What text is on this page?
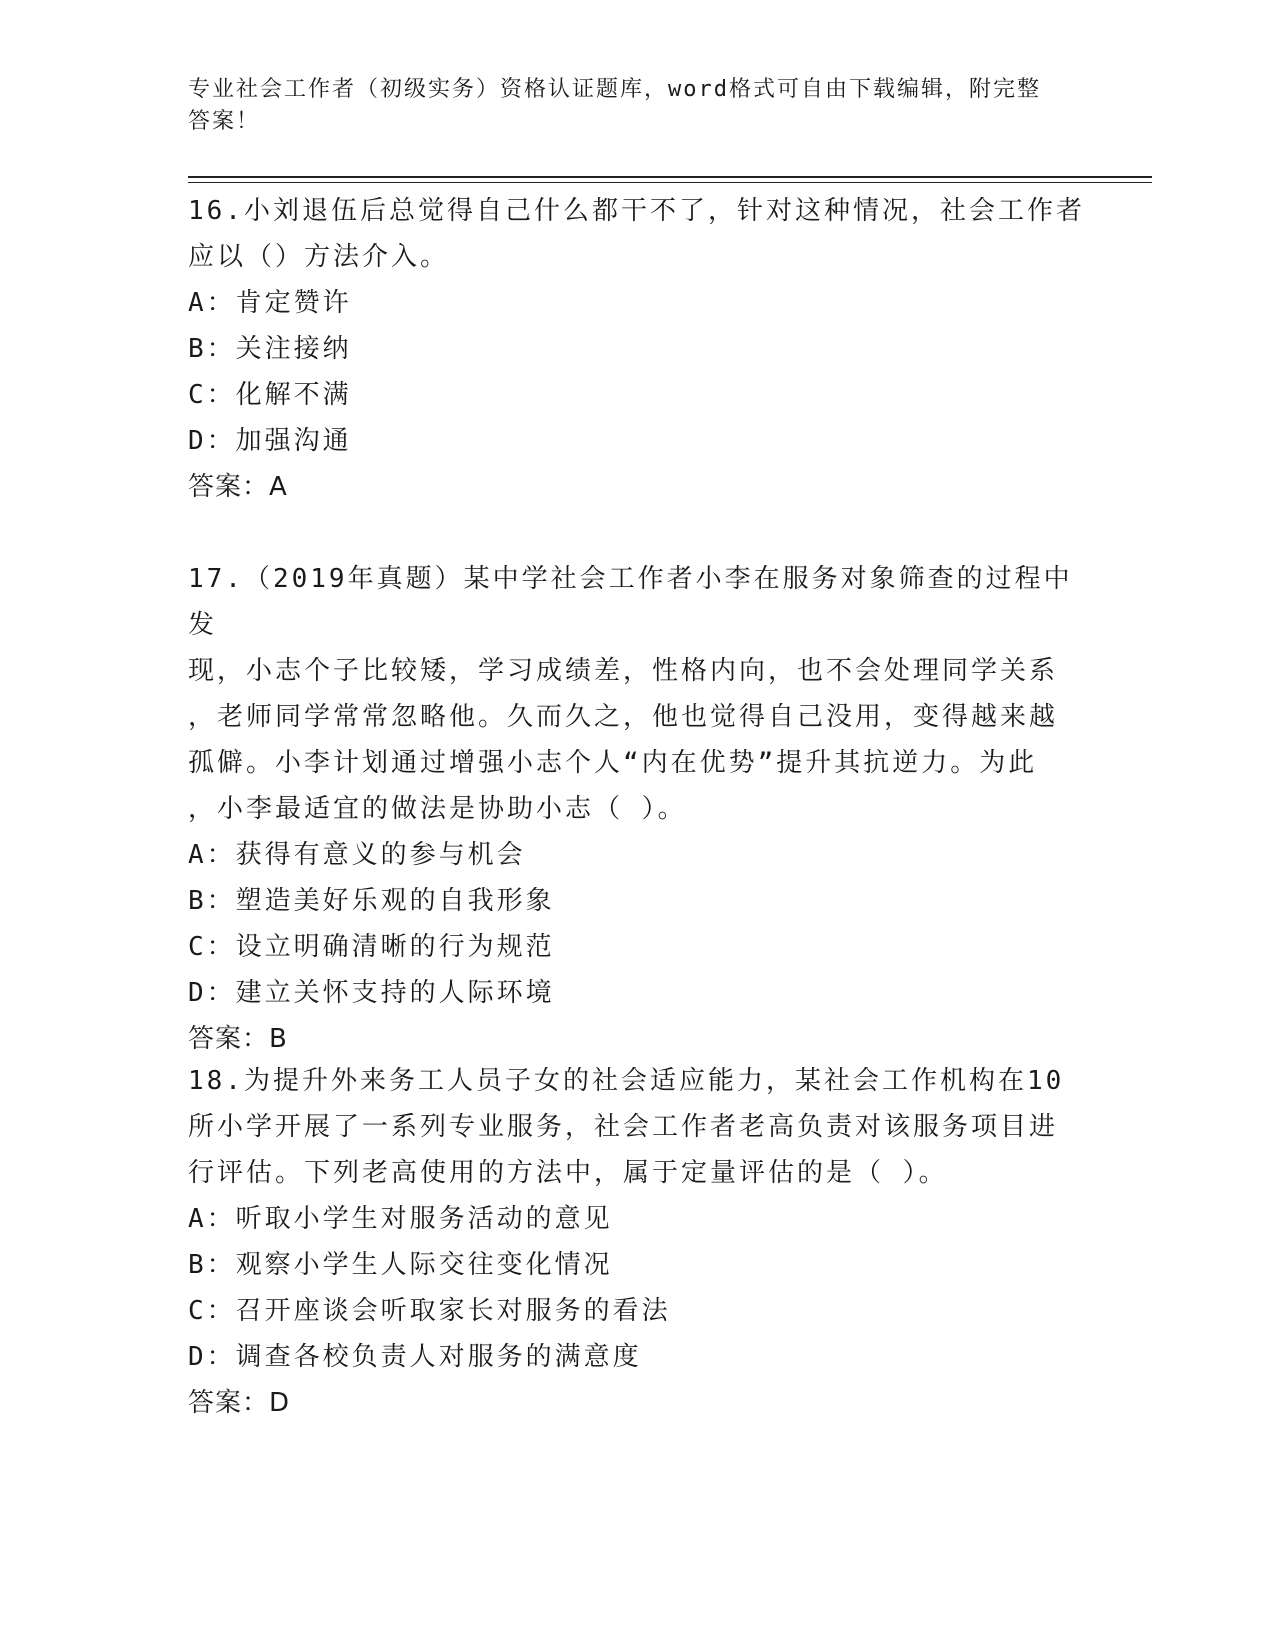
专业社会工作者（初级实务）资格认证题库，word格式可自由下载编辑，附完整
答案！

16.小刘退伍后总觉得自己什么都干不了，针对这种情况，社会工作者

应以（）方法介入。

A：肯定赞许

B：关注接纳

C：化解不满

D：加强沟通

答案：A

17.（2019年真题）某中学社会工作者小李在服务对象筛查的过程中发

现，小志个子比较矮，学习成绩差，性格内向，也不会处理同学关系

，老师同学常常忽略他。久而久之，他也觉得自己没用，变得越来越

孤僻。小李计划通过增强小志个人“内在优势”提升其抗逆力。为此

，小李最适宜的做法是协助小志（ ）。

A：获得有意义的参与机会

B：塑造美好乐观的自我形象

C：设立明确清晰的行为规范

D：建立关怀支持的人际环境

答案：B

18.为提升外来务工人员子女的社会适应能力，某社会工作机构在10

所小学开展了一系列专业服务，社会工作者老高负责对该服务项目进

行评估。下列老高使用的方法中，属于定量评估的是（ ）。

A：听取小学生对服务活动的意见

B：观察小学生人际交往变化情况

C：召开座谈会听取家长对服务的看法

D：调查各校负责人对服务的满意度

答案：D
